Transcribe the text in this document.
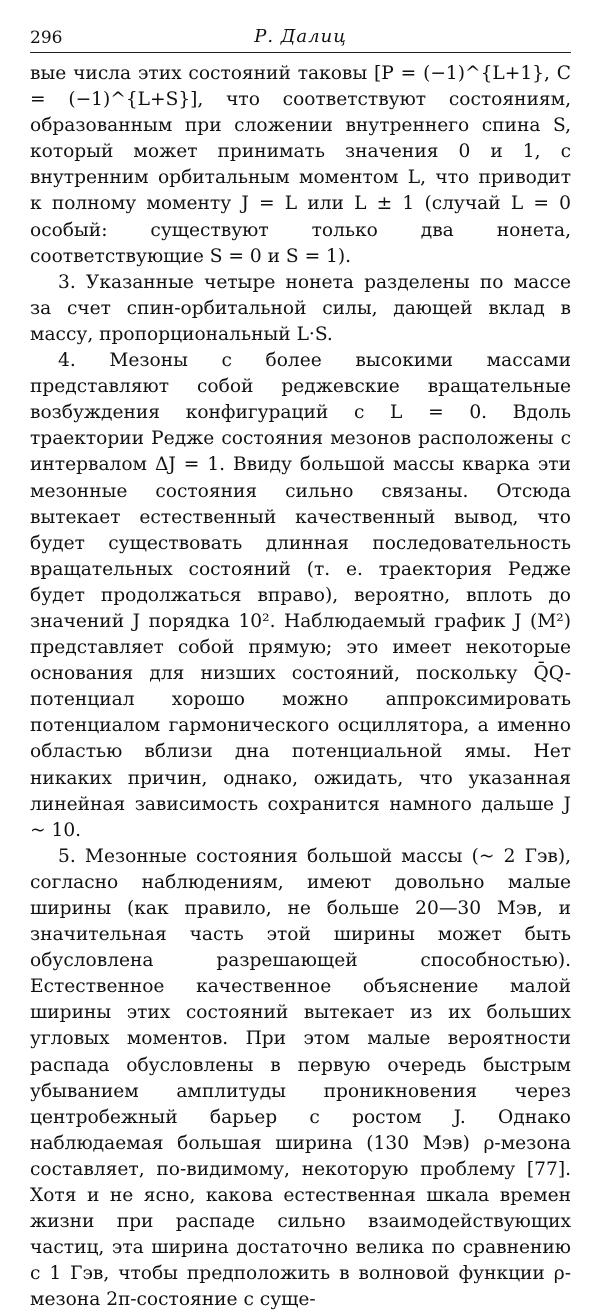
296	Р. Далиц

вые числа этих состояний таковы [P = (−1)^{L+1}, C = (−1)^{L+S}], что соответствуют состояниям, образованным при сложении внутреннего спина S, который может принимать значения 0 и 1, с внутренним орбитальным моментом L, что приводит к полному моменту J = L или L ± 1 (случай L = 0 особый: существуют только два нонета, соответствующие S = 0 и S = 1).

3. Указанные четыре нонета разделены по массе за счет спин-орбитальной силы, дающей вклад в массу, пропорциональный L·S.

4. Мезоны с более высокими массами представляют собой реджевские вращательные возбуждения конфигураций с L = 0. Вдоль траектории Редже состояния мезонов расположены с интервалом ΔJ = 1. Ввиду большой массы кварка эти мезонные состояния сильно связаны. Отсюда вытекает естественный качественный вывод, что будет существовать длинная последовательность вращательных состояний (т. е. траектория Редже будет продолжаться вправо), вероятно, вплоть до значений J порядка 10². Наблюдаемый график J (M²) представляет собой прямую; это имеет некоторые основания для низших состояний, поскольку Q̄Q-потенциал хорошо можно аппроксимировать потенциалом гармонического осциллятора, а именно областью вблизи дна потенциальной ямы. Нет никаких причин, однако, ожидать, что указанная линейная зависимость сохранится намного дальше J ~ 10.

5. Мезонные состояния большой массы (~ 2 Гэв), согласно наблюдениям, имеют довольно малые ширины (как правило, не больше 20—30 Мэв, и значительная часть этой ширины может быть обусловлена разрешающей способностью). Естественное качественное объяснение малой ширины этих состояний вытекает из их больших угловых моментов. При этом малые вероятности распада обусловлены в первую очередь быстрым убыванием амплитуды проникновения через центробежный барьер с ростом J. Однако наблюдаемая большая ширина (130 Мэв) ρ-мезона составляет, по-видимому, некоторую проблему [77]. Хотя и не ясно, какова естественная шкала времен жизни при распаде сильно взаимодействующих частиц, эта ширина достаточно велика по сравнению с 1 Гэв, чтобы предположить в волновой функции ρ-мезона 2π-состояние с суще-
